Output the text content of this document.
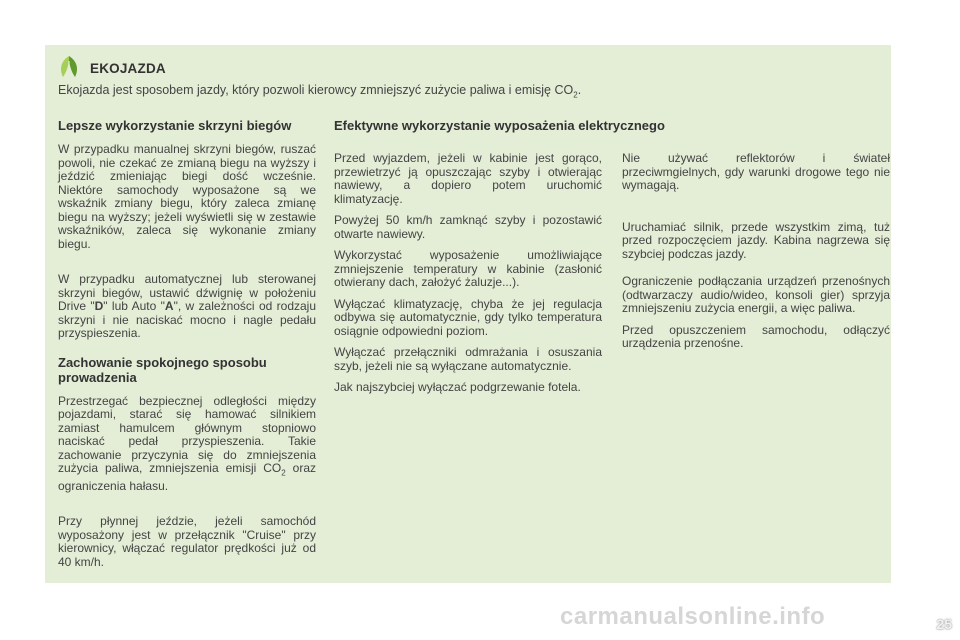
EKOJAZDA
Ekojazda jest sposobem jazdy, który pozwoli kierowcy zmniejszyć zużycie paliwa i emisję $CO_2$.
Lepsze wykorzystanie skrzyni biegów

W przypadku manualnej skrzyni biegów, ruszać powoli, nie czekać ze zmianą biegu na wyższy i jeździć zmieniając biegi dość wcześnie. Niektóre samochody wyposażone są we wskaźnik zmiany biegu, który zaleca zmianę biegu na wyższy; jeżeli wyświetli się w zestawie wskaźników, zaleca się wykonanie zmiany biegu.

W przypadku automatycznej lub sterowanej skrzyni biegów, ustawić dźwignię w położeniu Drive "D" lub Auto "A", w zależności od rodzaju skrzyni i nie naciskać mocno i nagle pedału przyspieszenia.

Zachowanie spokojnego sposobu prowadzenia

Przestrzegać bezpiecznej odległości między pojazdami, starać się hamować silnikiem zamiast hamulcem głównym stopniowo naciskać pedał przyspieszenia. Takie zachowanie przyczynia się do zmniejszenia zużycia paliwa, zmniejszenia emisji $CO_2$ oraz ograniczenia hałasu.

Przy płynnej jeździe, jeżeli samochód wyposażony jest w przełącznik "Cruise" przy kierownicy, włączać regulator prędkości już od 40 km/h.

Efektywne wykorzystanie wyposażenia elektrycznego

Przed wyjazdem, jeżeli w kabinie jest gorąco, przewietrzyć ją opuszczając szyby i otwierając nawiewy, a dopiero potem uruchomić klimatyzację.

Powyżej 50 km/h zamknąć szyby i pozostawić otwarte nawiewy.

Wykorzystać wyposażenie umożliwiające zmniejszenie temperatury w kabinie (zasłonić otwierany dach, założyć żaluzje...).

Wyłączać klimatyzację, chyba że jej regulacja odbywa się automatycznie, gdy tylko temperatura osiągnie odpowiedni poziom.

Wyłączać przełączniki odmrażania i osuszania szyb, jeżeli nie są wyłączane automatycznie.

Jak najszybciej wyłączać podgrzewanie fotela.

Nie używać reflektorów i świateł przeciwmgielnych, gdy warunki drogowe tego nie wymagają.

Uruchamiać silnik, przede wszystkim zimą, tuż przed rozpoczęciem jazdy. Kabina nagrzewa się szybciej podczas jazdy.

Ograniczenie podłączania urządzeń przenośnych (odtwarzaczy audio/wideo, konsoli gier) sprzyja zmniejszeniu zużycia energii, a więc paliwa.

Przed opuszczeniem samochodu, odłączyć urządzenia przenośne.

carmanualsonline.info	25
